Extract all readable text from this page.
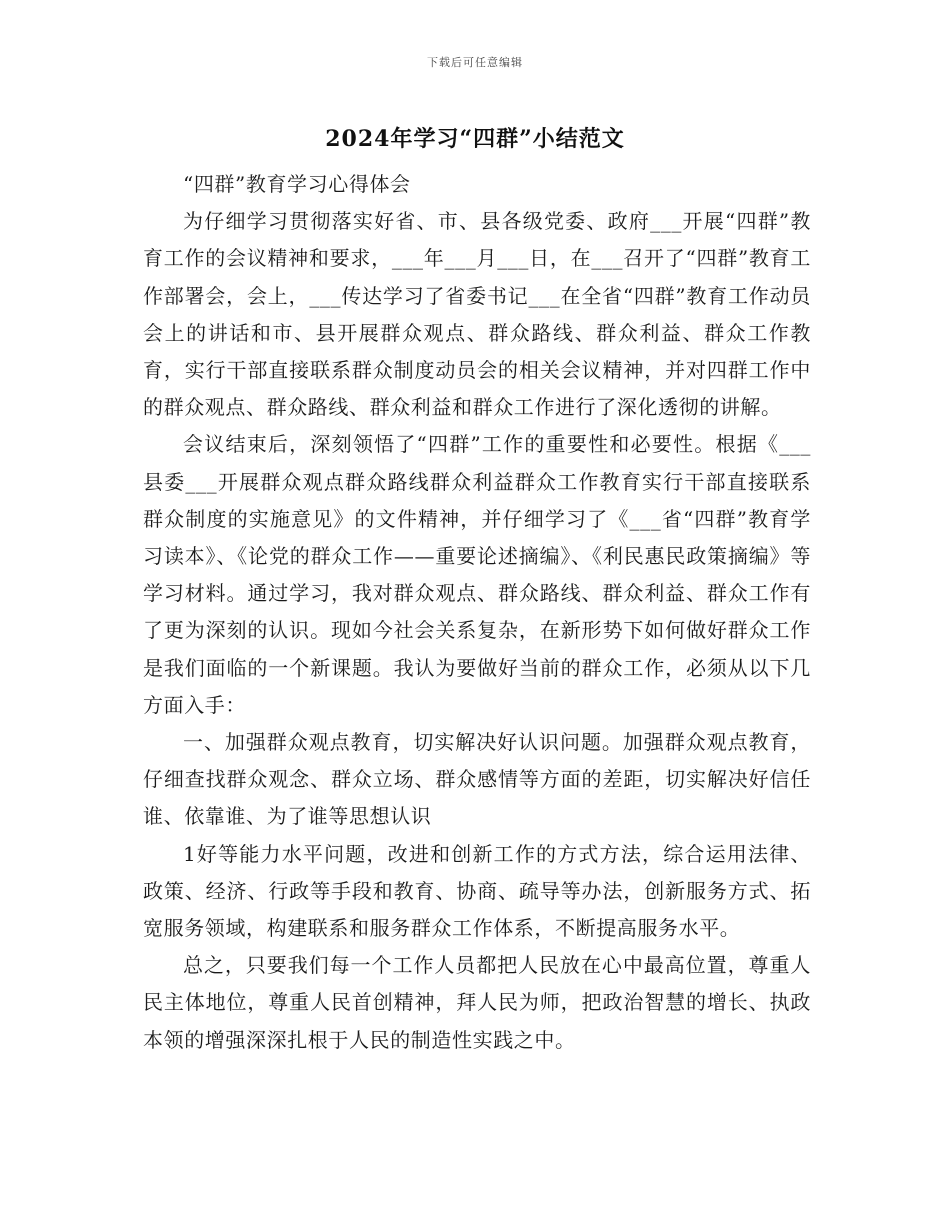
下载后可任意编辑
2024年学习“四群”小结范文

“四群”教育学习心得体会

为仔细学习贯彻落实好省、市、县各级党委、政府___开展“四群”教育工作的会议精神和要求，___年___月___日，在___召开了“四群”教育工作部署会，会上，___传达学习了省委书记___在全省“四群”教育工作动员会上的讲话和市、县开展群众观点、群众路线、群众利益、群众工作教育，实行干部直接联系群众制度动员会的相关会议精神，并对四群工作中的群众观点、群众路线、群众利益和群众工作进行了深化透彻的讲解。

会议结束后，深刻领悟了“四群”工作的重要性和必要性。根据《___县委___开展群众观点群众路线群众利益群众工作教育实行干部直接联系群众制度的实施意见》的文件精神，并仔细学习了《___省“四群”教育学习读本》、《论党的群众工作——重要论述摘编》、《利民惠民政策摘编》等学习材料。通过学习，我对群众观点、群众路线、群众利益、群众工作有了更为深刻的认识。现如今社会关系复杂，在新形势下如何做好群众工作是我们面临的一个新课题。我认为要做好当前的群众工作，必须从以下几方面入手：

一、加强群众观点教育，切实解决好认识问题。加强群众观点教育，仔细查找群众观念、群众立场、群众感情等方面的差距，切实解决好信任谁、依靠谁、为了谁等思想认识

1好等能力水平问题，改进和创新工作的方式方法，综合运用法律、政策、经济、行政等手段和教育、协商、疏导等办法，创新服务方式、拓宽服务领域，构建联系和服务群众工作体系，不断提高服务水平。

总之，只要我们每一个工作人员都把人民放在心中最高位置，尊重人民主体地位，尊重人民首创精神，拜人民为师，把政治智慧的增长、执政本领的增强深深扎根于人民的制造性实践之中。
